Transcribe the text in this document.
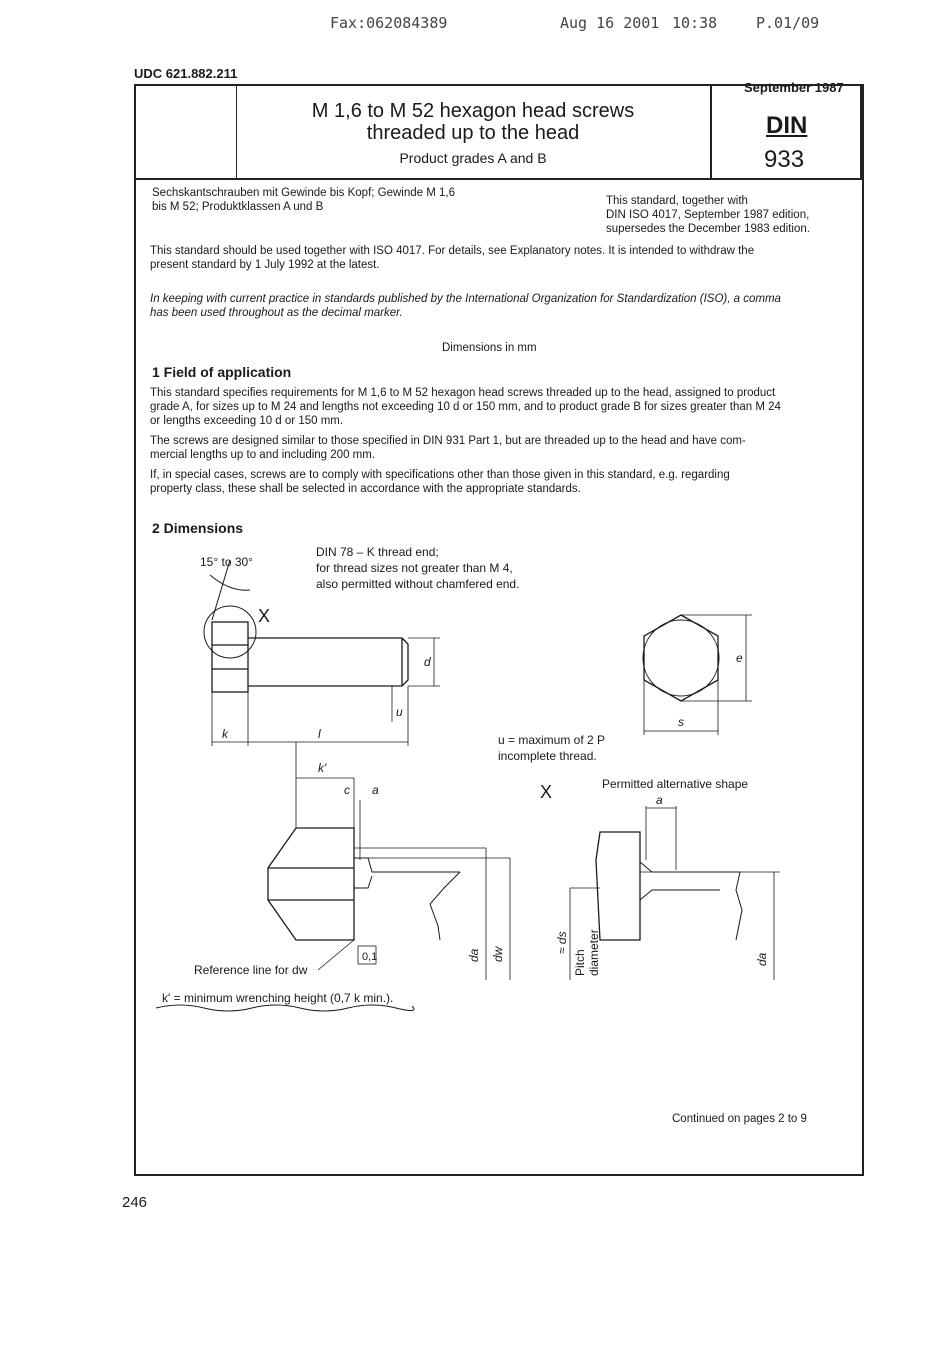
Fax:062084389	Aug 16 2001 10:38	P.01/09
UDC 621.882.211
September 1987
M 1,6 to M 52 hexagon head screws
threaded up to the head
Product grades A and B
DIN
933
Sechskantschrauben mit Gewinde bis Kopf; Gewinde M 1,6
bis M 52; Produktklassen A und B	This standard, together with
DIN ISO 4017, September 1987 edition,
supersedes the December 1983 edition.
This standard should be used together with ISO 4017. For details, see Explanatory notes. It is intended to withdraw the
present standard by 1 July 1992 at the latest.
In keeping with current practice in standards published by the International Organization for Standardization (ISO), a comma
has been used throughout as the decimal marker.
Dimensions in mm
1 Field of application
This standard specifies requirements for M 1,6 to M 52 hexagon head screws threaded up to the head, assigned to product
grade A, for sizes up to M 24 and lengths not exceeding 10 d or 150 mm, and to product grade B for sizes greater than M 24
or lengths exceeding 10 d or 150 mm.
The screws are designed similar to those specified in DIN 931 Part 1, but are threaded up to the head and have com-
mercial lengths up to and including 200 mm.
If, in special cases, screws are to comply with specifications other than those given in this standard, e.g. regarding
property class, these shall be selected in accordance with the appropriate standards.
2 Dimensions
15° to 30°
X
DIN 78 – K thread end;
for thread sizes not greater than M 4,
also permitted without chamfered end.
d
u
k	l
e
s
u = maximum of 2 P
incomplete thread.
k'
c a	X	Permitted alternative shape
a
da dw
0,1
Reference line for dw
≈ ds
Pitch diameter	da
k' = minimum wrenching height (0,7 k min.).
Continued on pages 2 to 9
246
